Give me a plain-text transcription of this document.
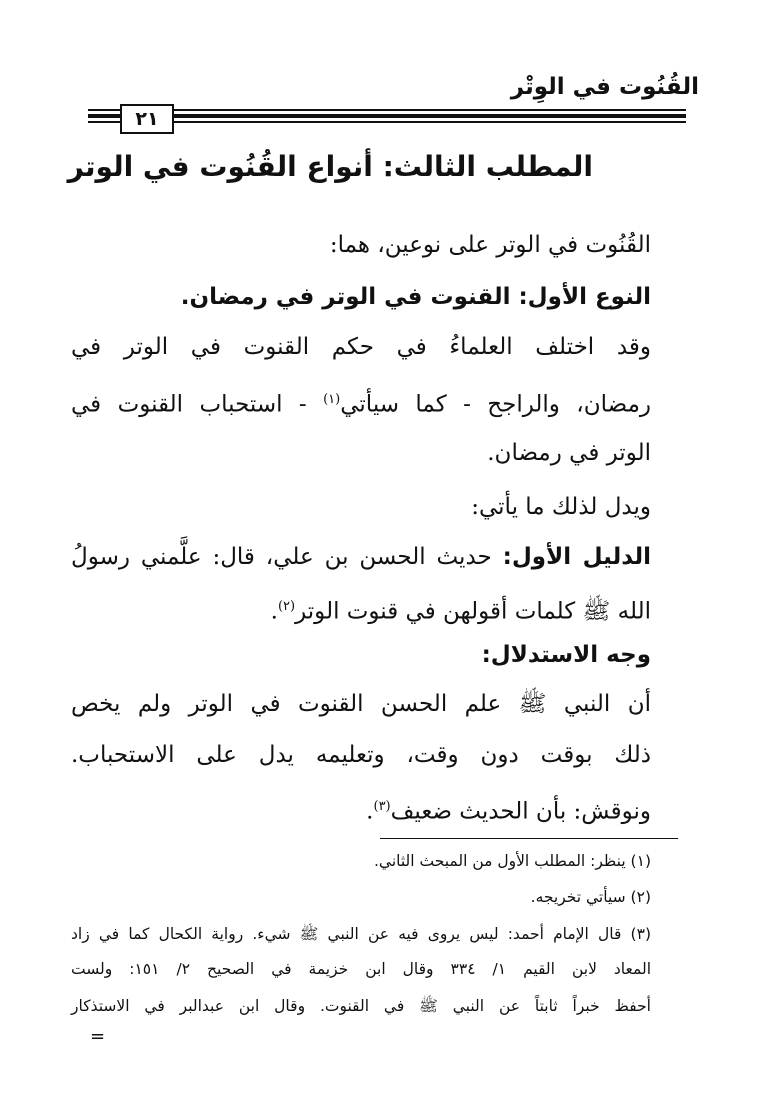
القُنُوت في الوِتْر
٢١
المطلب الثالث: أنواع القُنُوت في الوتر
القُنُوت في الوتر على نوعين، هما:
النوع الأول: القنوت في الوتر في رمضان.
وقد اختلف العلماءُ في حكم القنوت في الوتر في
رمضان، والراجح - كما سيأتي$^{(١)}$ - استحباب القنوت في
الوتر في رمضان.
ويدل لذلك ما يأتي:
الدليل الأول: حديث الحسن بن علي، قال: علَّمني رسولُ
الله ﷺ كلمات أقولهن في قنوت الوتر$^{(٢)}$.
وجه الاستدلال:
أن النبي ﷺ علم الحسن القنوت في الوتر ولم يخص
ذلك بوقت دون وقت، وتعليمه يدل على الاستحباب.
ونوقش: بأن الحديث ضعيف$^{(٣)}$.
(١) ينظر: المطلب الأول من المبحث الثاني.
(٢) سيأتي تخريجه.
(٣) قال الإمام أحمد: ليس يروى فيه عن النبي ﷺ شيء. رواية الكحال كما في زاد
المعاد لابن القيم ١/ ٣٣٤ وقال ابن خزيمة في الصحيح ٢/ ١٥١: ولست
أحفظ خبراً ثابتاً عن النبي ﷺ في القنوت. وقال ابن عبدالبر في الاستذكار
=
